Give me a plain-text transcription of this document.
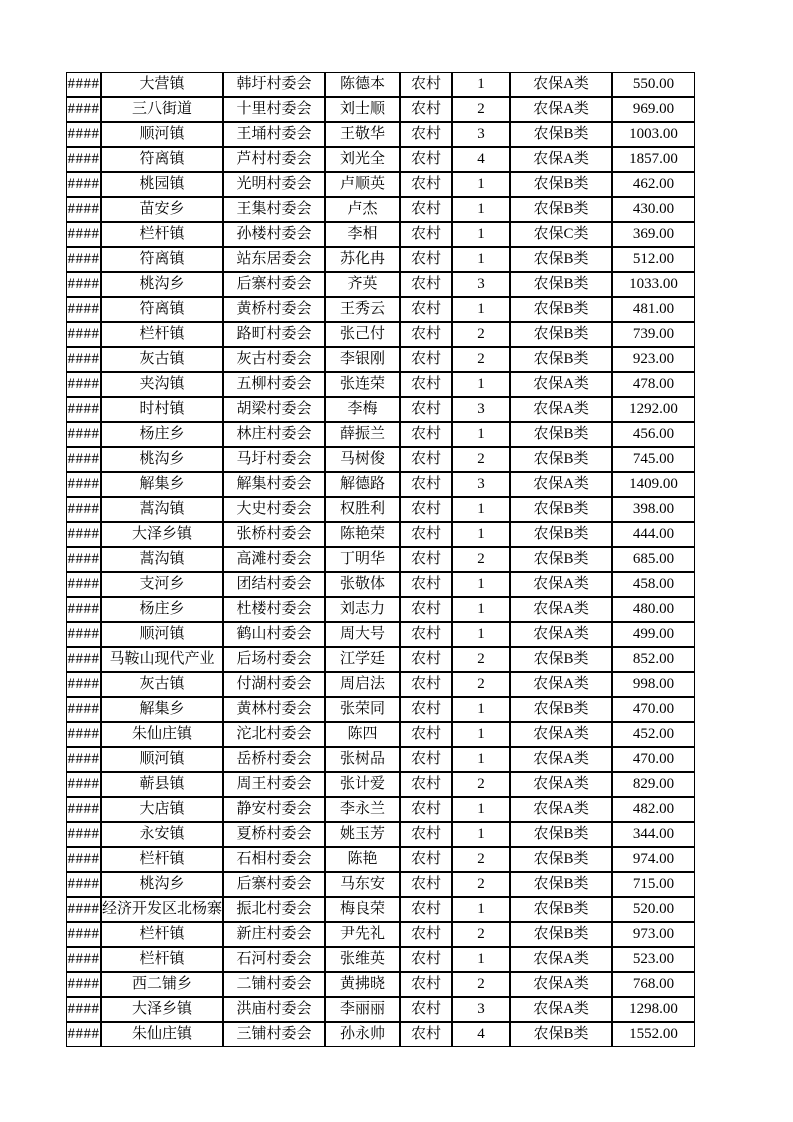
####	大营镇	韩圩村委会	陈德本	农村	1	农保A类	550.00
####	三八街道	十里村委会	刘士顺	农村	2	农保A类	969.00
####	顺河镇	王埇村委会	王敬华	农村	3	农保B类	1003.00
####	符离镇	芦村村委会	刘光全	农村	4	农保A类	1857.00
####	桃园镇	光明村委会	卢顺英	农村	1	农保B类	462.00
####	苗安乡	王集村委会	卢杰	农村	1	农保B类	430.00
####	栏杆镇	孙楼村委会	李相	农村	1	农保C类	369.00
####	符离镇	站东居委会	苏化冉	农村	1	农保B类	512.00
####	桃沟乡	后寨村委会	齐英	农村	3	农保B类	1033.00
####	符离镇	黄桥村委会	王秀云	农村	1	农保B类	481.00
####	栏杆镇	路町村委会	张己付	农村	2	农保B类	739.00
####	灰古镇	灰古村委会	李银刚	农村	2	农保B类	923.00
####	夹沟镇	五柳村委会	张连荣	农村	1	农保A类	478.00
####	时村镇	胡梁村委会	李梅	农村	3	农保A类	1292.00
####	杨庄乡	林庄村委会	薛振兰	农村	1	农保B类	456.00
####	桃沟乡	马圩村委会	马树俊	农村	2	农保B类	745.00
####	解集乡	解集村委会	解德路	农村	3	农保A类	1409.00
####	蒿沟镇	大史村委会	权胜利	农村	1	农保B类	398.00
####	大泽乡镇	张桥村委会	陈艳荣	农村	1	农保B类	444.00
####	蒿沟镇	高滩村委会	丁明华	农村	2	农保B类	685.00
####	支河乡	团结村委会	张敬体	农村	1	农保A类	458.00
####	杨庄乡	杜楼村委会	刘志力	农村	1	农保A类	480.00
####	顺河镇	鹤山村委会	周大号	农村	1	农保A类	499.00
####	马鞍山现代产业	后场村委会	江学廷	农村	2	农保B类	852.00
####	灰古镇	付湖村委会	周启法	农村	2	农保A类	998.00
####	解集乡	黄林村委会	张荣同	农村	1	农保B类	470.00
####	朱仙庄镇	沱北村委会	陈四	农村	1	农保A类	452.00
####	顺河镇	岳桥村委会	张树品	农村	1	农保A类	470.00
####	蕲县镇	周王村委会	张计爱	农村	2	农保A类	829.00
####	大店镇	静安村委会	李永兰	农村	1	农保A类	482.00
####	永安镇	夏桥村委会	姚玉芳	农村	1	农保B类	344.00
####	栏杆镇	石相村委会	陈艳	农村	2	农保B类	974.00
####	桃沟乡	后寨村委会	马东安	农村	2	农保B类	715.00
####	经济开发区北杨寨	振北村委会	梅良荣	农村	1	农保B类	520.00
####	栏杆镇	新庄村委会	尹先礼	农村	2	农保B类	973.00
####	栏杆镇	石河村委会	张维英	农村	1	农保A类	523.00
####	西二铺乡	二铺村委会	黄拂晓	农村	2	农保A类	768.00
####	大泽乡镇	洪庙村委会	李丽丽	农村	3	农保A类	1298.00
####	朱仙庄镇	三铺村委会	孙永帅	农村	4	农保B类	1552.00
